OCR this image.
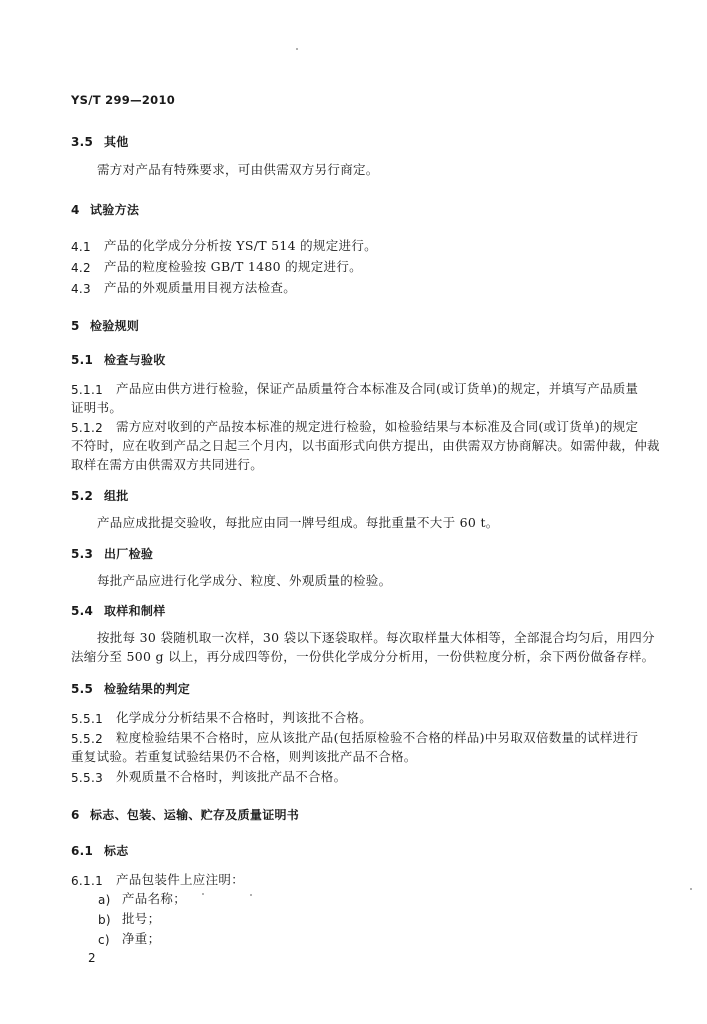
YS/T 299—2010
3.5 其他
需方对产品有特殊要求，可由供需双方另行商定。
4 试验方法
4.1 产品的化学成分分析按 YS/T 514 的规定进行。
4.2 产品的粒度检验按 GB/T 1480 的规定进行。
4.3 产品的外观质量用目视方法检查。
5 检验规则
5.1 检查与验收
5.1.1 产品应由供方进行检验，保证产品质量符合本标准及合同(或订货单)的规定，并填写产品质量
证明书。
5.1.2 需方应对收到的产品按本标准的规定进行检验，如检验结果与本标准及合同(或订货单)的规定
不符时，应在收到产品之日起三个月内，以书面形式向供方提出，由供需双方协商解决。如需仲裁，仲裁
取样在需方由供需双方共同进行。
5.2 组批
产品应成批提交验收，每批应由同一牌号组成。每批重量不大于 60 t。
5.3 出厂检验
每批产品应进行化学成分、粒度、外观质量的检验。
5.4 取样和制样
按批每 30 袋随机取一次样，30 袋以下逐袋取样。每次取样量大体相等，全部混合均匀后，用四分
法缩分至 500 g 以上，再分成四等份，一份供化学成分分析用，一份供粒度分析，余下两份做备存样。
5.5 检验结果的判定
5.5.1 化学成分分析结果不合格时，判该批不合格。
5.5.2 粒度检验结果不合格时，应从该批产品(包括原检验不合格的样品)中另取双倍数量的试样进行
重复试验。若重复试验结果仍不合格，则判该批产品不合格。
5.5.3 外观质量不合格时，判该批产品不合格。
6 标志、包装、运输、贮存及质量证明书
6.1 标志
6.1.1 产品包装件上应注明：
a) 产品名称；
b) 批号；
c) 净重；
2
